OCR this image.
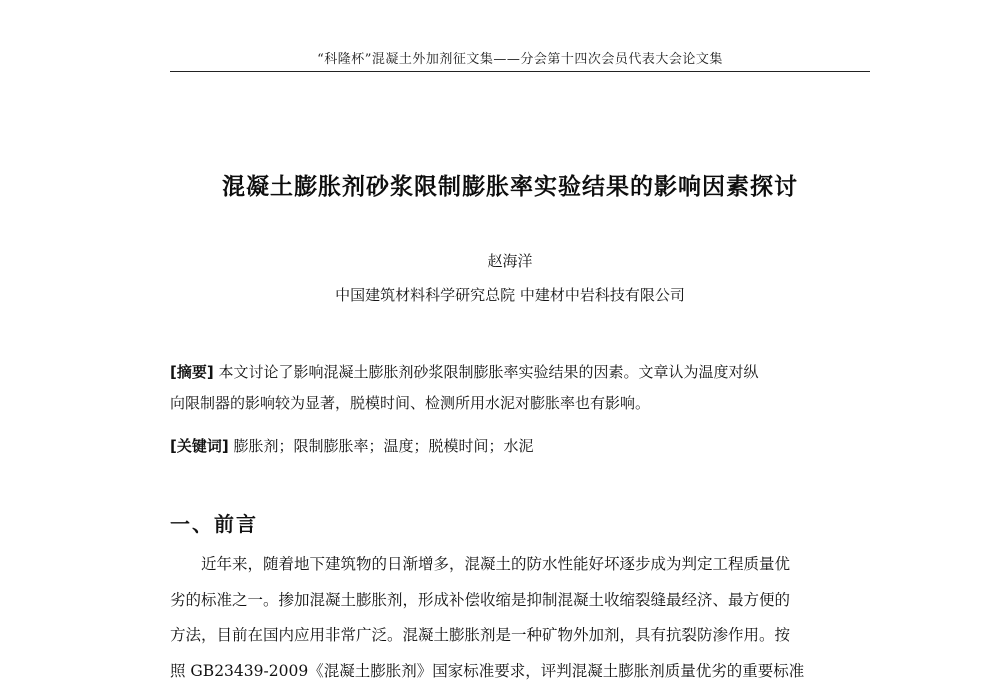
“科隆杯”混凝土外加剂征文集——分会第十四次会员代表大会论文集
混凝土膨胀剂砂浆限制膨胀率实验结果的影响因素探讨
赵海洋
中国建筑材料科学研究总院 中建材中岩科技有限公司
[摘要] 本文讨论了影响混凝土膨胀剂砂浆限制膨胀率实验结果的因素。文章认为温度对纵
向限制器的影响较为显著，脱模时间、检测所用水泥对膨胀率也有影响。
[关键词] 膨胀剂；限制膨胀率；温度；脱模时间；水泥
一、前言
近年来，随着地下建筑物的日渐增多，混凝土的防水性能好坏逐步成为判定工程质量优
劣的标准之一。掺加混凝土膨胀剂，形成补偿收缩是抑制混凝土收缩裂缝最经济、最方便的
方法，目前在国内应用非常广泛。混凝土膨胀剂是一种矿物外加剂，具有抗裂防渗作用。按
照 GB23439-2009《混凝土膨胀剂》国家标准要求，评判混凝土膨胀剂质量优劣的重要标准
